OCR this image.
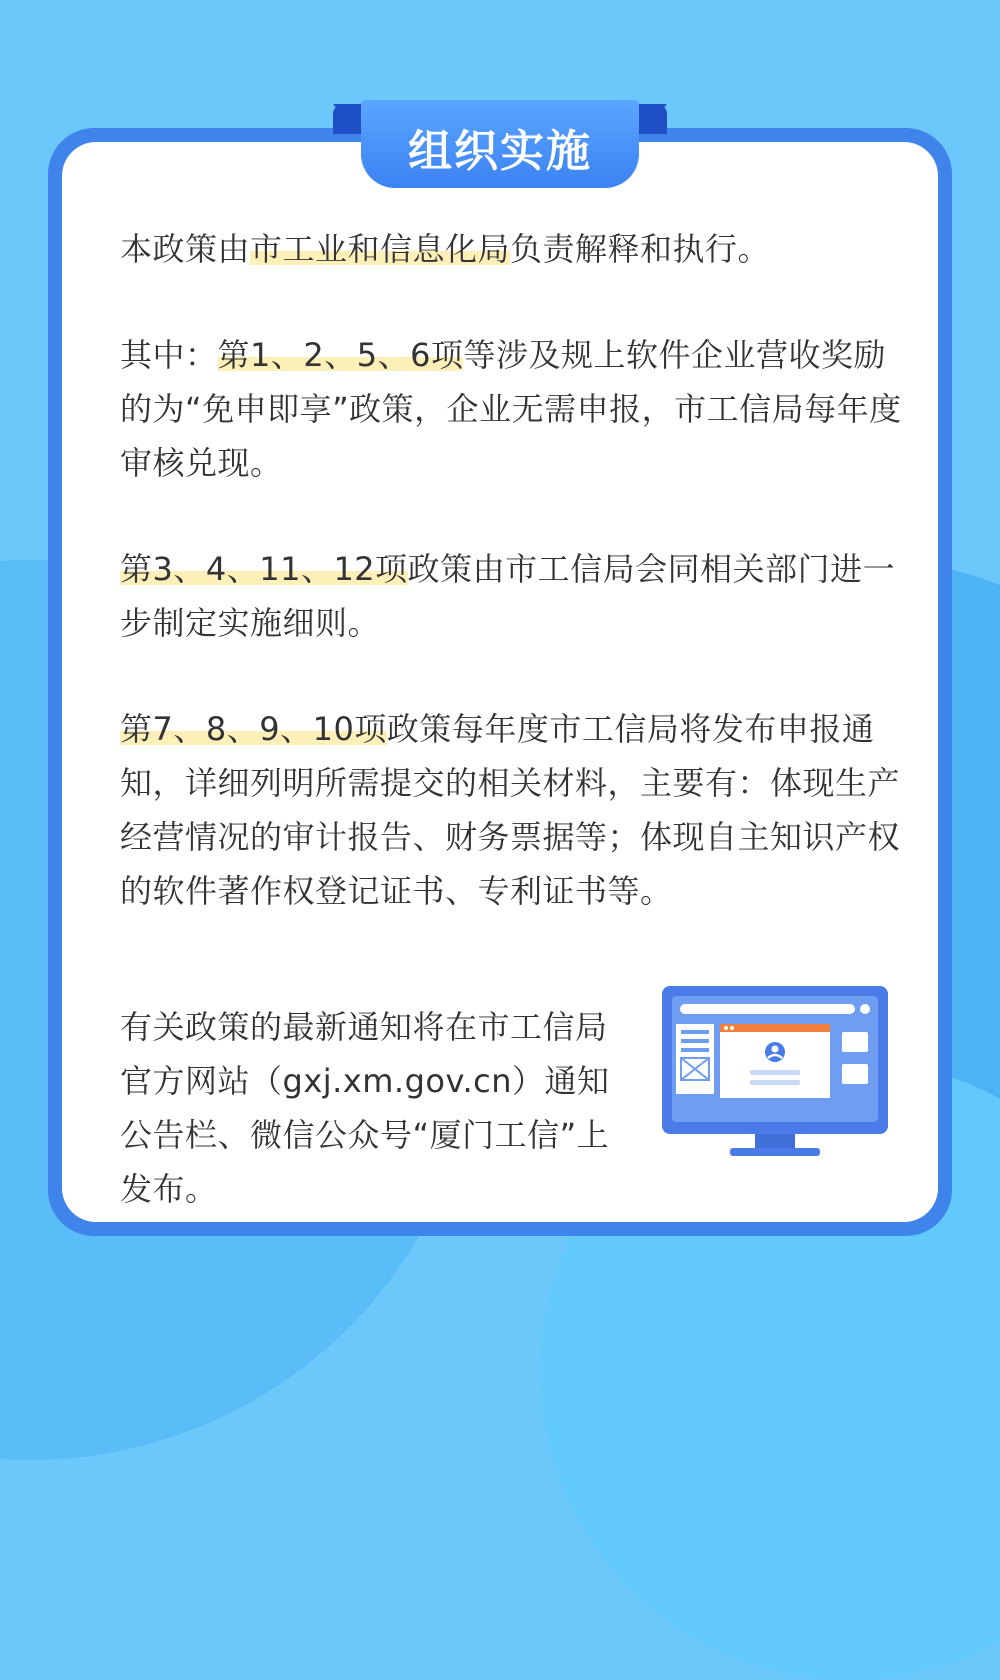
组织实施

本政策由市工业和信息化局负责解释和执行。

其中：第1、2、5、6项等涉及规上软件企业营收奖励的为“免申即享”政策，企业无需申报，市工信局每年度审核兑现。

第3、4、11、12项政策由市工信局会同相关部门进一步制定实施细则。

第7、8、9、10项政策每年度市工信局将发布申报通知，详细列明所需提交的相关材料，主要有：体现生产经营情况的审计报告、财务票据等；体现自主知识产权的软件著作权登记证书、专利证书等。

有关政策的最新通知将在市工信局官方网站（gxj.xm.gov.cn）通知公告栏、微信公众号“厦门工信”上发布。
